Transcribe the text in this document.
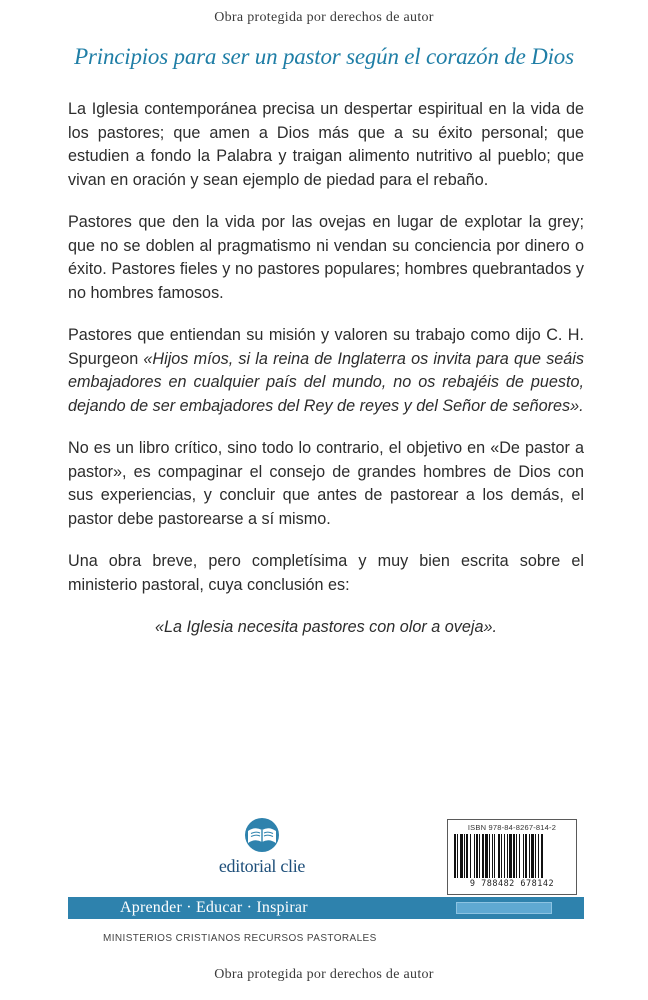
Obra protegida por derechos de autor
Principios para ser un pastor según el corazón de Dios

La Iglesia contemporánea precisa un despertar espiritual en la vida de los pastores; que amen a Dios más que a su éxito personal; que estudien a fondo la Palabra y traigan alimento nutritivo al pueblo; que vivan en oración y sean ejemplo de piedad para el rebaño.

Pastores que den la vida por las ovejas en lugar de explotar la grey; que no se doblen al pragmatismo ni vendan su conciencia por dinero o éxito. Pastores fieles y no pastores populares; hombres quebrantados y no hombres famosos.

Pastores que entiendan su misión y valoren su trabajo como dijo C. H. Spurgeon «Hijos míos, si la reina de Inglaterra os invita para que seáis embajadores en cualquier país del mundo, no os rebajéis de puesto, dejando de ser embajadores del Rey de reyes y del Señor de señores».

No es un libro crítico, sino todo lo contrario, el objetivo en «De pastor a pastor», es compaginar el consejo de grandes hombres de Dios con sus experiencias, y concluir que antes de pastorear a los demás, el pastor debe pastorearse a sí mismo.

Una obra breve, pero completísima y muy bien escrita sobre el ministerio pastoral, cuya conclusión es:

«La Iglesia necesita pastores con olor a oveja».

editorial clie
ISBN 978-84-8267-814-2
9 788482 678142
Aprender · Educar · Inspirar
MINISTERIOS CRISTIANOS RECURSOS PASTORALES
Obra protegida por derechos de autor
